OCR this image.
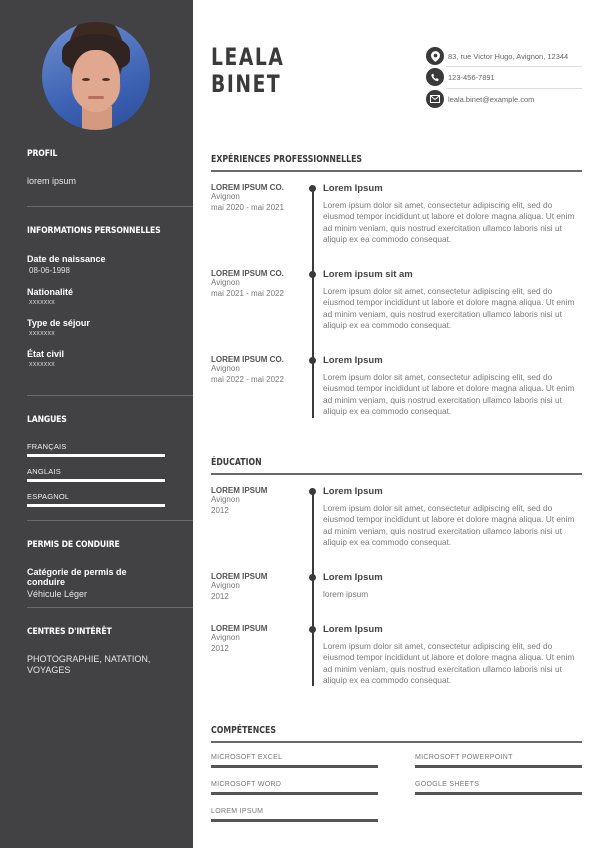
PROFIL
lorem ipsum
INFORMATIONS PERSONNELLES
Date de naissance
08-06-1998
Nationalité
xxxxxxx
Type de séjour
xxxxxxx
État civil
xxxxxxx
LANGUES
FRANÇAIS
ANGLAIS
ESPAGNOL
PERMIS DE CONDUIRE
Catégorie de permis de conduire
Véhicule Léger
CENTRES D'INTÉRÊT
PHOTOGRAPHIE, NATATION,
VOYAGES
LEALA
BINET
83, rue Victor Hugo, Avignon, 12344
123-456-7891
leala.binet@example.com
EXPÉRIENCES PROFESSIONNELLES
LOREM IPSUM CO.
Avignon
mai 2020 - mai 2021
Lorem Ipsum
Lorem ipsum dolor sit amet, consectetur adipiscing elit, sed do eiusmod tempor incididunt ut labore et dolore magna aliqua. Ut enim ad minim veniam, quis nostrud exercitation ullamco laboris nisi ut aliquip ex ea commodo consequat.
LOREM IPSUM CO.
Avignon
mai 2021 - mai 2022
Lorem ipsum sit am
Lorem ipsum dolor sit amet, consectetur adipiscing elit, sed do eiusmod tempor incididunt ut labore et dolore magna aliqua. Ut enim ad minim veniam, quis nostrud exercitation ullamco laboris nisi ut aliquip ex ea commodo consequat.
LOREM IPSUM CO.
Avignon
mai 2022 - mai 2022
Lorem Ipsum
Lorem ipsum dolor sit amet, consectetur adipiscing elit, sed do eiusmod tempor incididunt ut labore et dolore magna aliqua. Ut enim ad minim veniam, quis nostrud exercitation ullamco laboris nisi ut aliquip ex ea commodo consequat.
ÉDUCATION
LOREM IPSUM
Avignon
2012
Lorem Ipsum
Lorem ipsum dolor sit amet, consectetur adipiscing elit, sed do eiusmod tempor incididunt ut labore et dolore magna aliqua. Ut enim ad minim veniam, quis nostrud exercitation ullamco laboris nisi ut aliquip ex ea commodo consequat.
LOREM IPSUM
Avignon
2012
Lorem Ipsum
lorem ipsum
LOREM IPSUM
Avignon
2012
Lorem Ipsum
Lorem ipsum dolor sit amet, consectetur adipiscing elit, sed do eiusmod tempor incididunt ut labore et dolore magna aliqua. Ut enim ad minim veniam, quis nostrud exercitation ullamco laboris nisi ut aliquip ex ea commodo consequat.
COMPÉTENCES
MICROSOFT EXCEL	MICROSOFT POWERPOINT
MICROSOFT WORD	GOOGLE SHEETS
LOREM IPSUM
